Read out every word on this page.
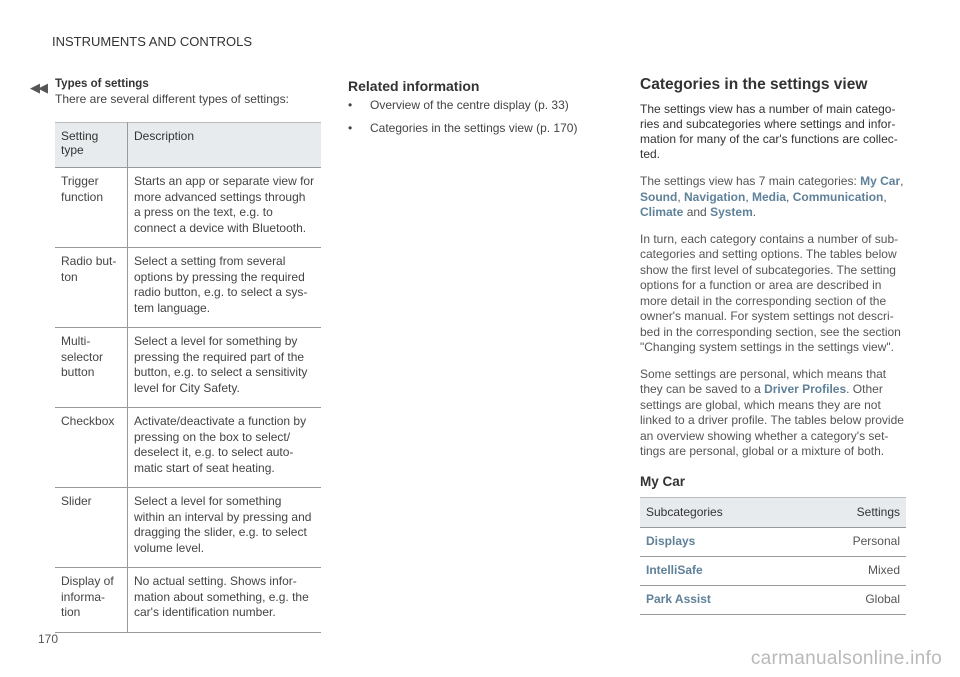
INSTRUMENTS AND CONTROLS
◀◀ Types of settings

There are several different types of settings:

Setting type	Description
Trigger function	Starts an app or separate view for more advanced settings through a press on the text, e.g. to connect a device with Bluetooth.
Radio but-ton	Select a setting from several options by pressing the required radio button, e.g. to select a sys-tem language.
Multi-selector button	Select a level for something by pressing the required part of the button, e.g. to select a sensitivity level for City Safety.
Checkbox	Activate/deactivate a function by pressing on the box to select/ deselect it, e.g. to select auto-matic start of seat heating.
Slider	Select a level for something within an interval by pressing and dragging the slider, e.g. to select volume level.
Display of informa-tion	No actual setting. Shows infor-mation about something, e.g. the car's identification number.

Related information

• Overview of the centre display (p. 33)
• Categories in the settings view (p. 170)

Categories in the settings view

The settings view has a number of main catego-ries and subcategories where settings and infor-mation for many of the car's functions are collec-ted.

The settings view has 7 main categories: My Car, Sound, Navigation, Media, Communication, Climate and System.

In turn, each category contains a number of sub-categories and setting options. The tables below show the first level of subcategories. The setting options for a function or area are described in more detail in the corresponding section of the owner's manual. For system settings not descri-bed in the corresponding section, see the section "Changing system settings in the settings view".

Some settings are personal, which means that they can be saved to a Driver Profiles. Other settings are global, which means they are not linked to a driver profile. The tables below provide an overview showing whether a category's set-tings are personal, global or a mixture of both.

My Car

Subcategories	Settings
Displays	Personal
IntelliSafe	Mixed
Park Assist	Global
170
carmanualsonline.info
